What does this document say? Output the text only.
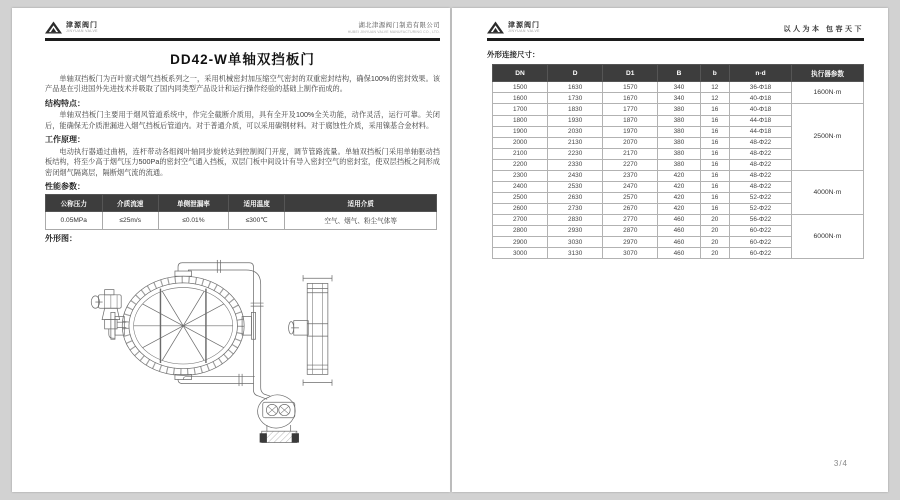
津源阀门
JINYUAN VALVE
湖北津源阀门制造有限公司
HUBEI JINYUAN VALVE MANUFACTURING CO., LTD.
DD42-W单轴双挡板门

单轴双挡板门为百叶窗式烟气挡板系列之一，采用机械密封加压缩空气密封的双重密封结构，确保100%的密封效果。该产品是在引进国外先进技术并吸取了国内同类型产品设计和运行操作经验的基础上制作而成的。

结构特点：

单轴双挡板门主要用于烟风管道系统中，作完全截断介质用，具有全开及100%全关功能，动作灵活，运行可靠。关闭后，能确保无介质泄漏进入烟气挡板后管道内。对于普通介质，可以采用碳钢材料。对于腐蚀性介质，采用镍基合金材料。

工作原理：

电动执行器通过曲柄，连杆带动各组阀叶轴同步旋转达到控制阀门开度，调节管路流量。单轴双挡板门采用单轴驱动挡板结构，将至少高于烟气压力500Pa的密封空气通入挡板，双层门板中间设计有导入密封空气的密封室，使双层挡板之间形成密闭烟气隔离层，隔断烟气流的流通。

性能参数：
公称压力	介质流速	单侧泄漏率	适用温度	适用介质
0.05MPa	≤25m/s	≤0.01%	≤300℃	空气、烟气、粉尘气体等
外形图：
津源阀门
JINYUAN VALVE	以人为本 包容天下
外形连接尺寸：
DN	D	D1	B	b	n-d	执行器参数
1500	1630	1570	340	12	36-Φ18	1600N·m
1600	1730	1670	340	12	40-Φ18	
1700	1830	1770	380	16	40-Φ18	2500N·m
1800	1930	1870	380	16	44-Φ18	
1900	2030	1970	380	16	44-Φ18	
2000	2130	2070	380	16	48-Φ22	
2100	2230	2170	380	16	48-Φ22	
2200	2330	2270	380	16	48-Φ22	
2300	2430	2370	420	16	48-Φ22	4000N·m
2400	2530	2470	420	16	48-Φ22	
2500	2630	2570	420	16	52-Φ22	
2600	2730	2670	420	16	52-Φ22	
2700	2830	2770	460	20	56-Φ22	6000N·m
2800	2930	2870	460	20	60-Φ22	
2900	3030	2970	460	20	60-Φ22	
3000	3130	3070	460	20	60-Φ22	
3/4
